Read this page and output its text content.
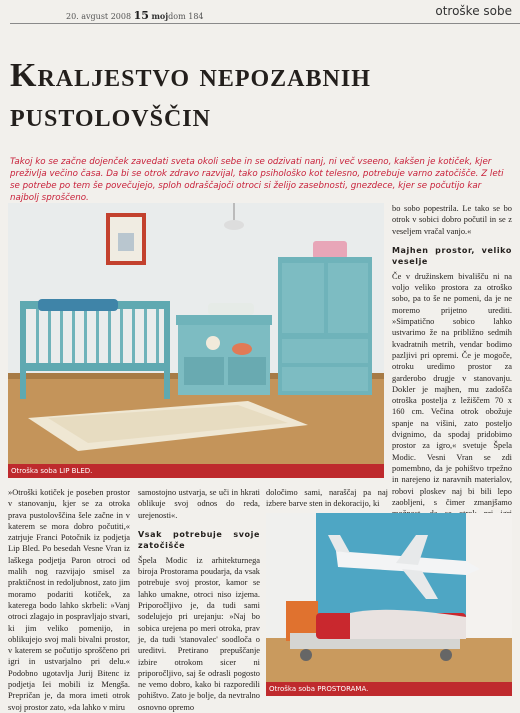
20. avgust 2008 15 mojdom 184	otroške sobe
Kraljestvo nepozabnih pustolovščin

Takoj ko se začne dojenček zavedati sveta okoli sebe in se odzivati nanj, ni več vseeno, kakšen je kotiček, kjer preživlja večino časa. Da bi se otrok zdravo razvijal, tako psihološko kot telesno, potrebuje varno zatočišče. Z leti se potrebe po tem še povečujejo, sploh odraščajoči otroci si želijo zasebnosti, gnezdece, kjer se počutijo kar najbolj sproščeno.

Otroška soba LIP BLED.

bo sobo popestrila. Le tako se bo otrok v sobici dobro počutil in se z veseljem vračal vanjo.«

Majhen prostor, veliko veselje

Če v družinskem bivališču ni na voljo veliko prostora za otroško sobo, pa to še ne pomeni, da je ne moremo prijetno urediti. »Simpatično sobico lahko ustvarimo že na približno sedmih kvadratnih metrih, vendar bodimo pazljivi pri opremi. Če je mogoče, otroku uredimo prostor za garderobo drugje v stanovanju. Dokler je majhen, mu zadošča otroška postelja z ležiščem 70 x 160 cm. Večina otrok obožuje spanje na višini, zato posteljo dvignimo, da spodaj pridobimo prostor za igro,« svetuje Špela Modic. Vesni Vran se zdi pomembno, da je pohištvo trpežno in narejeno iz naravnih materialov, robovi ploskev naj bi bili lepo zaobljeni, s čimer zmanjšamo

»Otroški kotiček je poseben prostor v stanovanju, kjer se za otroka prava pustolovščina šele začne in v katerem se mora dobro počutiti,« zatrjuje Franci Potočnik iz podjetja Lip Bled. Po besedah Vesne Vran iz laškega podjetja Paron otroci od malih nog razvijajo smisel za praktičnost in redoljubnost, zato jim moramo podariti kotiček, za katerega bodo lahko skrbeli: »Vanj otroci zlagajo in pospravljajo stvari, ki jim veliko pomenijo, in oblikujejo svoj mali bivalni prostor, v katerem se počutijo sproščeno pri igri in ustvarjalno pri delu.« Podobno ugotavlja Jurij Bitenc iz podjetja Iei mobili iz Mengša. Prepričan je, da mora imeti otrok svoj prostor zato, »da lahko v miru

samostojno ustvarja, se uči in hkrati oblikuje svoj odnos do reda, urejenosti«.

Vsak potrebuje svoje zatočišče

Špela Modic iz arhitekturnega biroja Prostorama poudarja, da vsak potrebuje svoj prostor, kamor se lahko umakne, otroci niso izjema. Priporočljivo je, da tudi sami sodelujejo pri urejanju: »Naj bo sobica urejena po meri otroka, prav je, da tudi 'stanovalec' soodloča o ureditvi. Pretirano prepuščanje izbire otrokom sicer ni priporočljivo, saj še odrasli pogosto ne vemo dobro, kako bi razporedili pohištvo. Zato je bolje, da nevtralno osnovno opremo

določimo sami, naraščaj pa naj izbere barve sten in dekoracijo, ki

Otroška soba PROSTORAMA.
